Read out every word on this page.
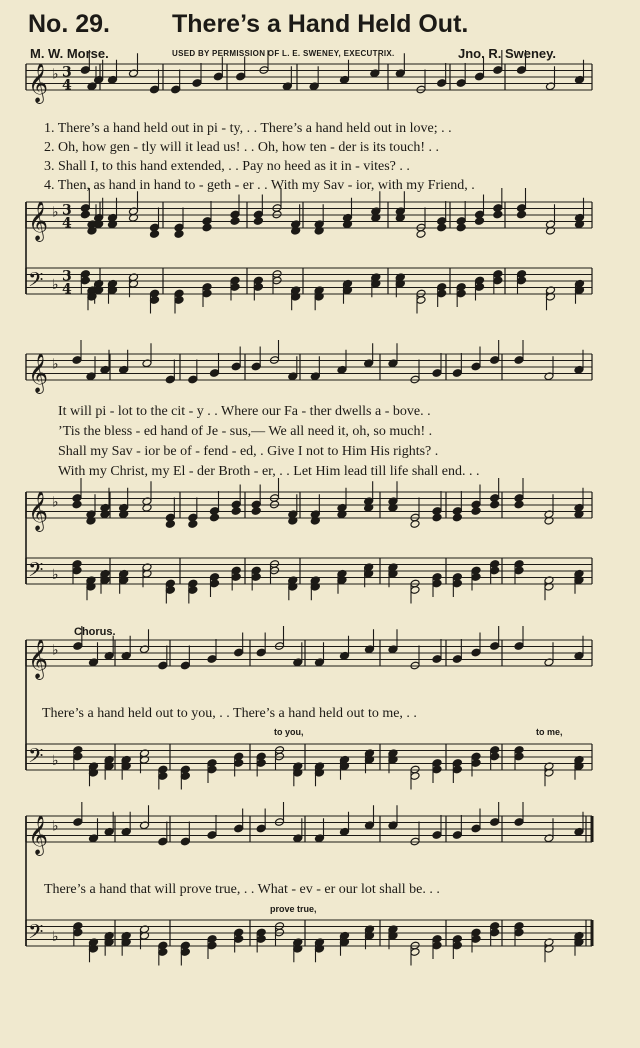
No. 29. There’s a Hand Held Out.
M. W. Morse.	USED BY PERMISSION OF L. E. SWENEY, EXECUTRIX.	Jno. R. Sweney.
𝄞 ♭ 3
4
𝄞 ♭ 3
4
𝄢 ♭
3
4
𝄞 ♭
𝄞 ♭
𝄢 ♭
𝄞 ♭
𝄢 ♭
𝄞 ♭
𝄢 ♭
1. There’s a hand held out in pi - ty, . . There’s a hand held out in love; . .
2. Oh, how gen - tly will it lead us! . . Oh, how ten - der is its touch! . .
3. Shall I, to this hand extended, . . Pay no heed as it in - vites? . .
4. Then, as hand in hand to - geth - er . . With my Sav - ior, with my Friend, .
It will pi - lot to the cit - y . . Where our Fa - ther dwells a - bove. .
’Tis the bless - ed hand of Je - sus,— We all need it, oh, so much! .
Shall my Sav - ior be of - fend - ed, . Give I not to Him His rights? .
With my Christ, my El - der Broth - er, . . Let Him lead till life shall end. . .
Chorus.
There’s a hand held out to you, . . There’s a hand held out to me, . .
to you,	to me,
There’s a hand that will prove true, . . What - ev - er our lot shall be. . .
prove true,
